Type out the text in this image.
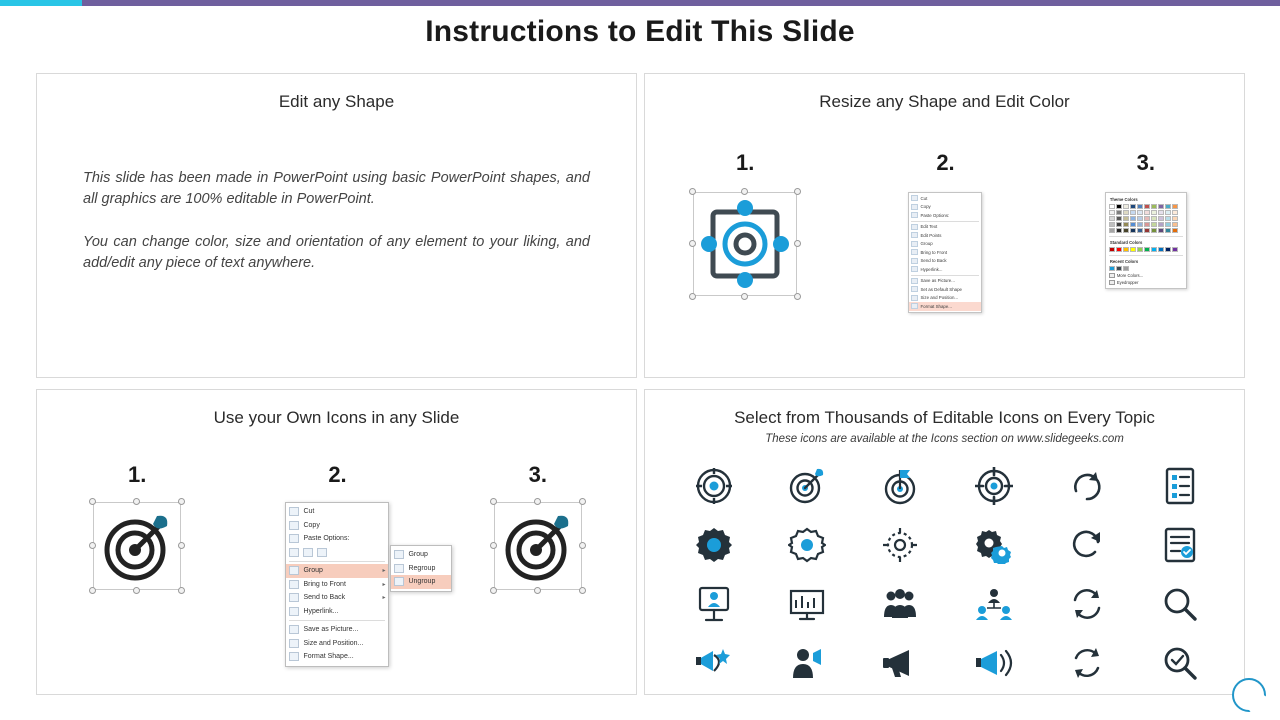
Instructions to Edit This Slide
Edit any Shape
This slide has been made in PowerPoint using basic PowerPoint shapes, and all graphics are 100% editable in PowerPoint.
You can change color, size and orientation of any element to your liking, and add/edit any piece of text anywhere.
Resize any Shape and Edit Color
1.	2.	3.
Cut
Copy
Paste Options:
Edit Text
Edit Points
Group
Bring to Front
Send to Back
Hyperlink...
Save as Picture...
Set as Default Shape
Size and Position...
Format Shape...
Theme Colors
Standard Colors
Recent Colors
More Colors...
Eyedropper
Use your Own Icons in any Slide
1.	2.	3.
Cut
Copy
Paste Options:
Group	▸
Bring to Front	▸
Send to Back	▸
Hyperlink...
Save as Picture...
Size and Position...
Format Shape...
Group
Regroup
Ungroup
Select from Thousands of Editable Icons on Every Topic
These icons are available at the Icons section on www.slidegeeks.com
